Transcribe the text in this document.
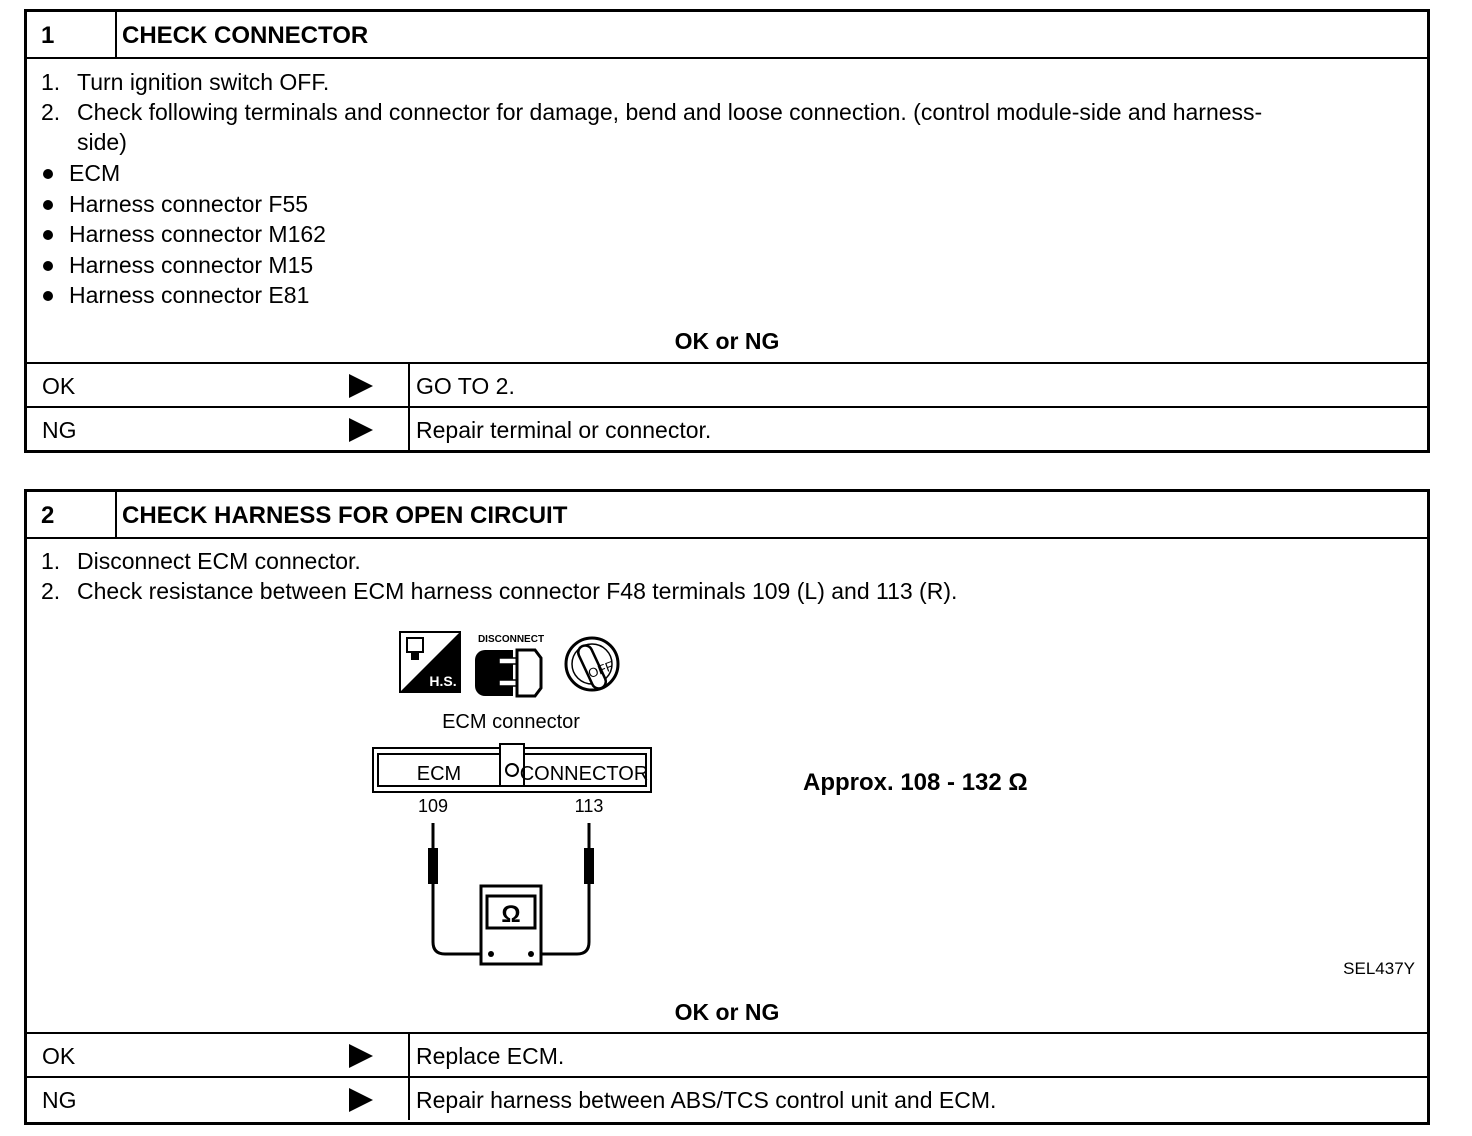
1	CHECK CONNECTOR
1. Turn ignition switch OFF.
2. Check following terminals and connector for damage, bend and loose connection. (control module-side and harness-
side)
ECM
Harness connector F55
Harness connector M162
Harness connector M15
Harness connector E81
OK or NG
OK	GO TO 2.
NG	Repair terminal or connector.
2	CHECK HARNESS FOR OPEN CIRCUIT
1. Disconnect ECM connector.
2. Check resistance between ECM harness connector F48 terminals 109 (L) and 113 (R).
H.S.
DISCONNECT
OFF
ECM connector
ECM	CONNECTOR
109	113
Ω
Approx. 108 - 132 Ω
SEL437Y
OK or NG
OK	Replace ECM.
NG	Repair harness between ABS/TCS control unit and ECM.
